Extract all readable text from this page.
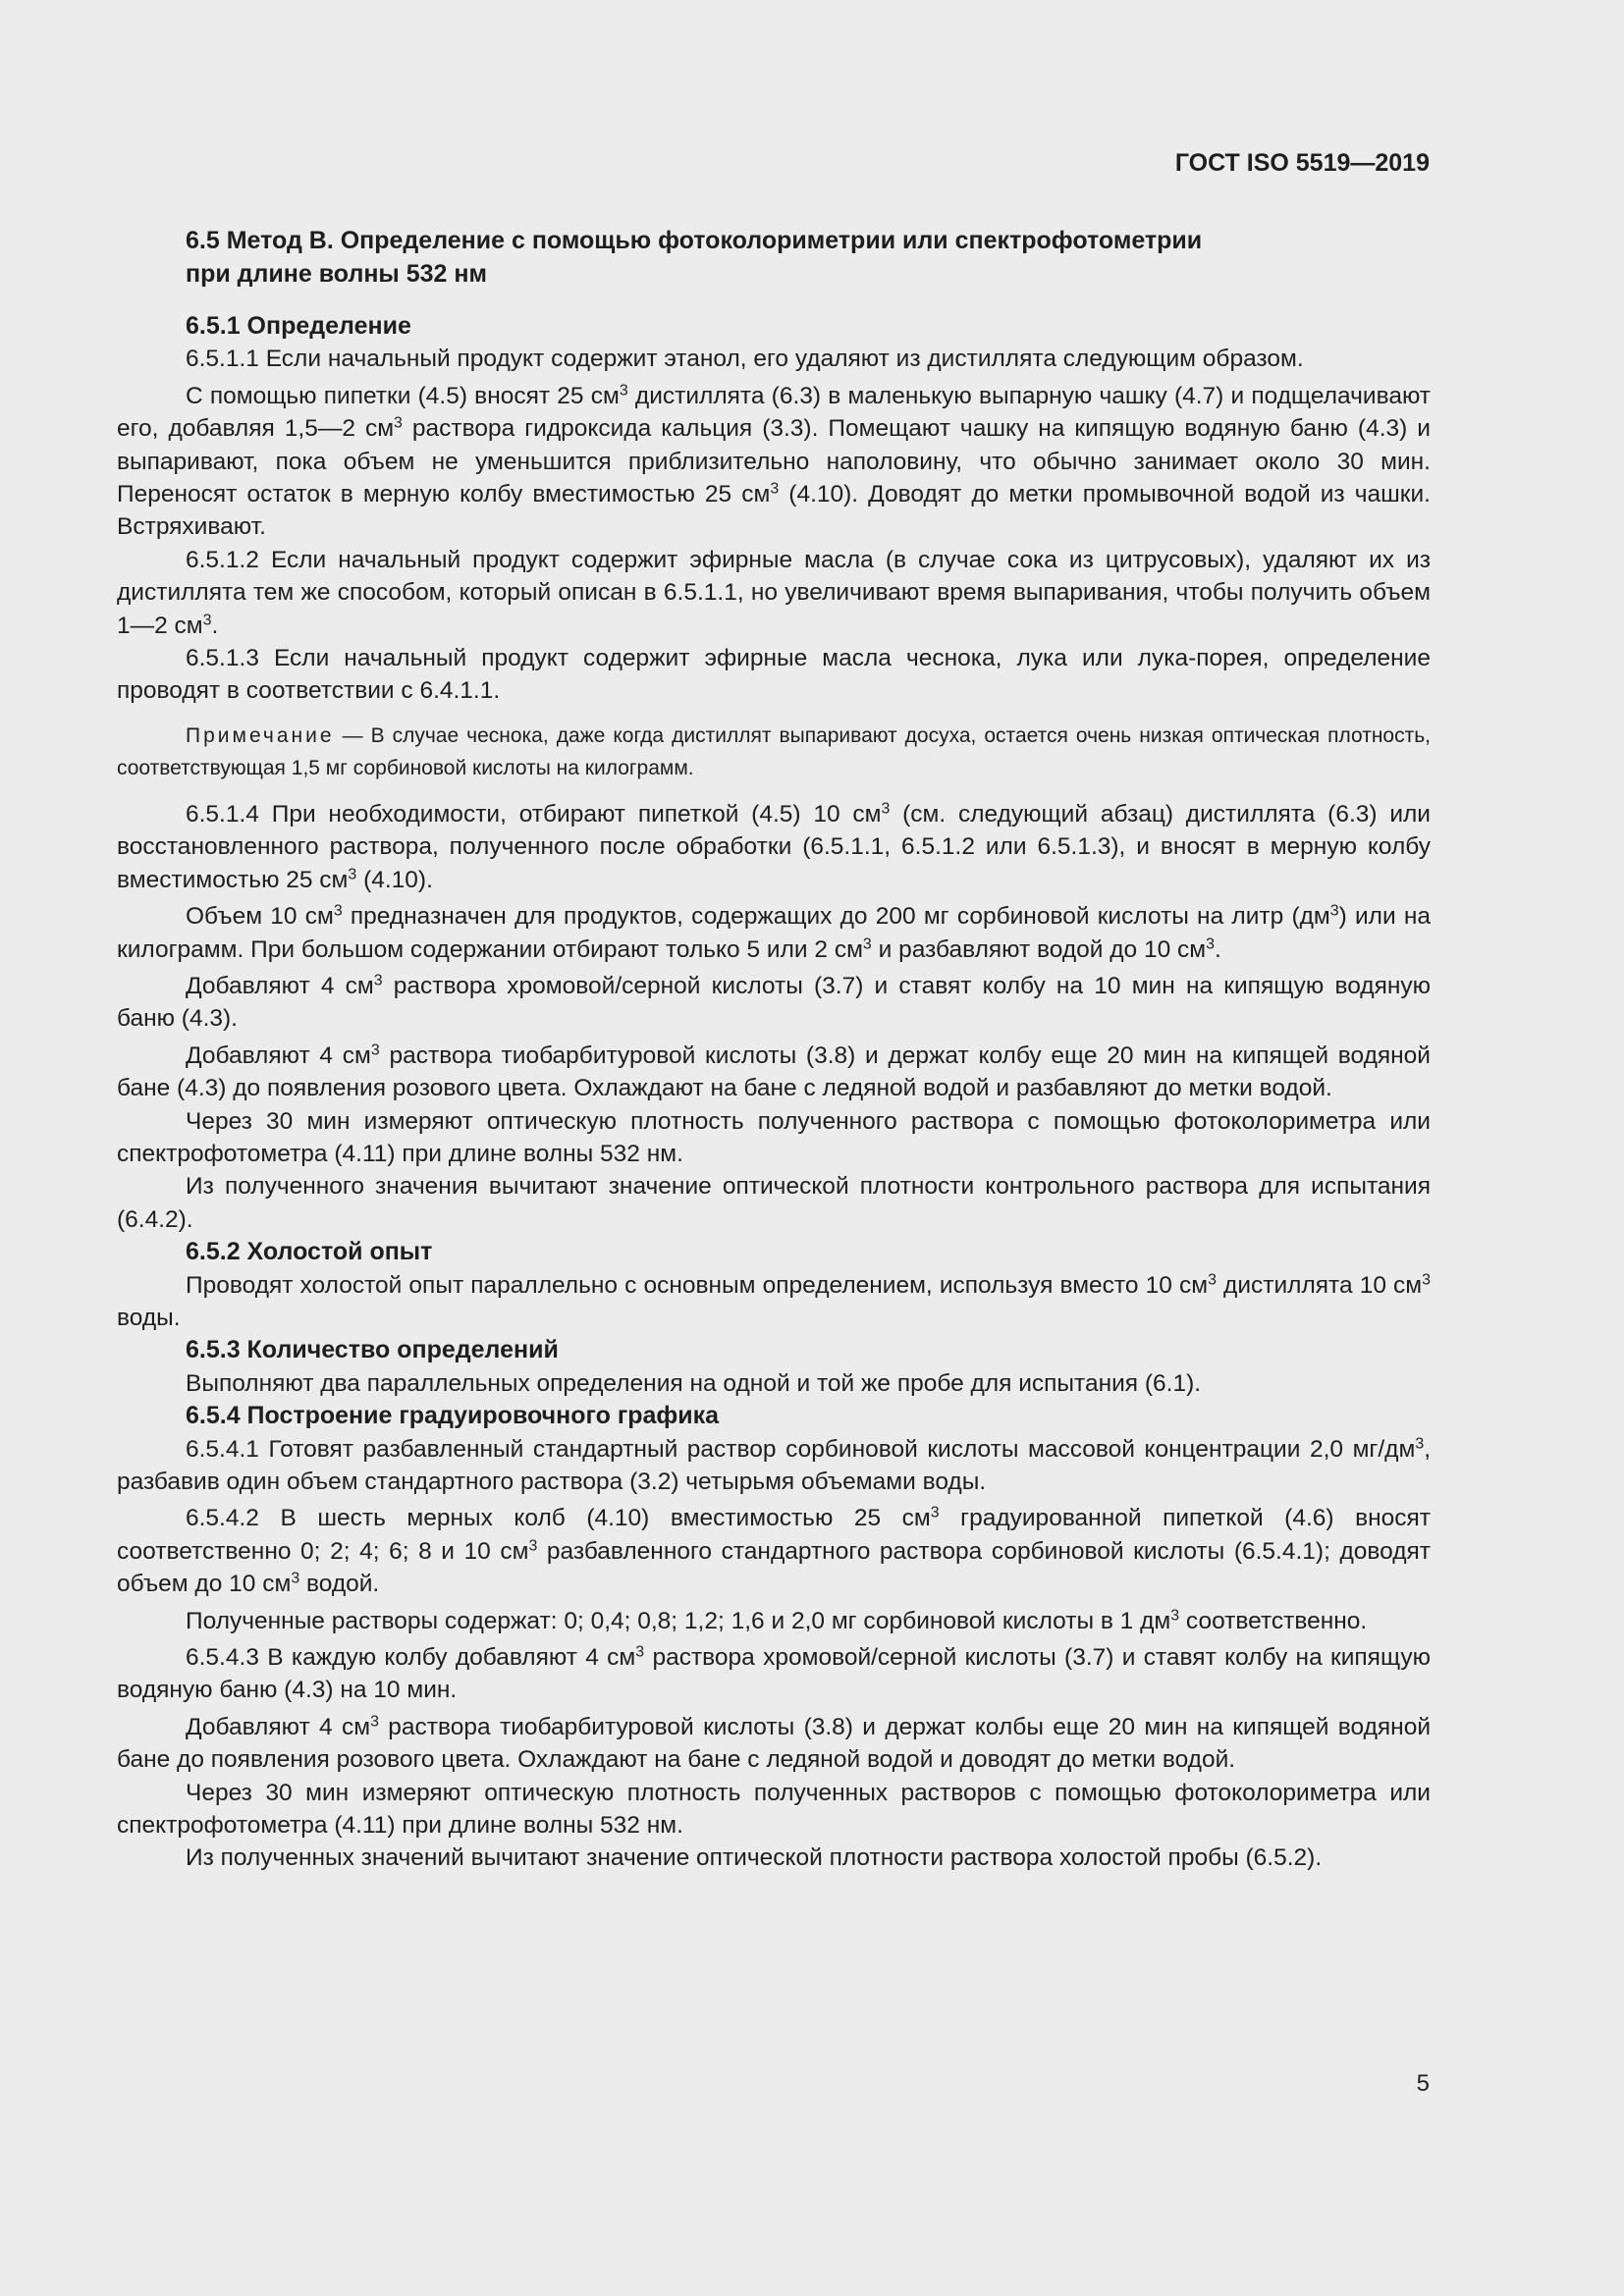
ГОСТ ISO 5519—2019
6.5 Метод В. Определение с помощью фотоколориметрии или спектрофотометрии
при длине волны 532 нм
6.5.1 Определение

6.5.1.1 Если начальный продукт содержит этанол, его удаляют из дистиллята следующим образом.

С помощью пипетки (4.5) вносят 25 $см^3$ дистиллята (6.3) в маленькую выпарную чашку (4.7) и подщелачивают его, добавляя 1,5—2 $см^3$ раствора гидроксида кальция (3.3). Помещают чашку на кипящую водяную баню (4.3) и выпаривают, пока объем не уменьшится приблизительно наполовину, что обычно занимает около 30 мин. Переносят остаток в мерную колбу вместимостью 25 $см^3$ (4.10). Доводят до метки промывочной водой из чашки. Встряхивают.

6.5.1.2 Если начальный продукт содержит эфирные масла (в случае сока из цитрусовых), удаляют их из дистиллята тем же способом, который описан в 6.5.1.1, но увеличивают время выпаривания, чтобы получить объем 1—2 $см^3$.

6.5.1.3 Если начальный продукт содержит эфирные масла чеснока, лука или лука-порея, определение проводят в соответствии с 6.4.1.1.

Примечание — В случае чеснока, даже когда дистиллят выпаривают досуха, остается очень низкая оптическая плотность, соответствующая 1,5 мг сорбиновой кислоты на килограмм.

6.5.1.4 При необходимости, отбирают пипеткой (4.5) 10 $см^3$ (см. следующий абзац) дистиллята (6.3) или восстановленного раствора, полученного после обработки (6.5.1.1, 6.5.1.2 или 6.5.1.3), и вносят в мерную колбу вместимостью 25 $см^3$ (4.10).

Объем 10 $см^3$ предназначен для продуктов, содержащих до 200 мг сорбиновой кислоты на литр $(дм^3)$ или на килограмм. При большом содержании отбирают только 5 или 2 $см^3$ и разбавляют водой до 10 $см^3$.

Добавляют 4 $см^3$ раствора хромовой/серной кислоты (3.7) и ставят колбу на 10 мин на кипящую водяную баню (4.3).

Добавляют 4 $см^3$ раствора тиобарбитуровой кислоты (3.8) и держат колбу еще 20 мин на кипящей водяной бане (4.3) до появления розового цвета. Охлаждают на бане с ледяной водой и разбавляют до метки водой.

Через 30 мин измеряют оптическую плотность полученного раствора с помощью фотоколориметра или спектрофотометра (4.11) при длине волны 532 нм.

Из полученного значения вычитают значение оптической плотности контрольного раствора для испытания (6.4.2).

6.5.2 Холостой опыт

Проводят холостой опыт параллельно с основным определением, используя вместо 10 $см^3$ дистиллята 10 $см^3$ воды.

6.5.3 Количество определений

Выполняют два параллельных определения на одной и той же пробе для испытания (6.1).

6.5.4 Построение градуировочного графика

6.5.4.1 Готовят разбавленный стандартный раствор сорбиновой кислоты массовой концентрации 2,0 $мг/дм^3$, разбавив один объем стандартного раствора (3.2) четырьмя объемами воды.

6.5.4.2 В шесть мерных колб (4.10) вместимостью 25 $см^3$ градуированной пипеткой (4.6) вносят соответственно 0; 2; 4; 6; 8 и 10 $см^3$ разбавленного стандартного раствора сорбиновой кислоты (6.5.4.1); доводят объем до 10 $см^3$ водой.

Полученные растворы содержат: 0; 0,4; 0,8; 1,2; 1,6 и 2,0 мг сорбиновой кислоты в 1 $дм^3$ соответственно.

6.5.4.3 В каждую колбу добавляют 4 $см^3$ раствора хромовой/серной кислоты (3.7) и ставят колбу на кипящую водяную баню (4.3) на 10 мин.

Добавляют 4 $см^3$ раствора тиобарбитуровой кислоты (3.8) и держат колбы еще 20 мин на кипящей водяной бане до появления розового цвета. Охлаждают на бане с ледяной водой и доводят до метки водой.

Через 30 мин измеряют оптическую плотность полученных растворов с помощью фотоколориметра или спектрофотометра (4.11) при длине волны 532 нм.

Из полученных значений вычитают значение оптической плотности раствора холостой пробы (6.5.2).

5
